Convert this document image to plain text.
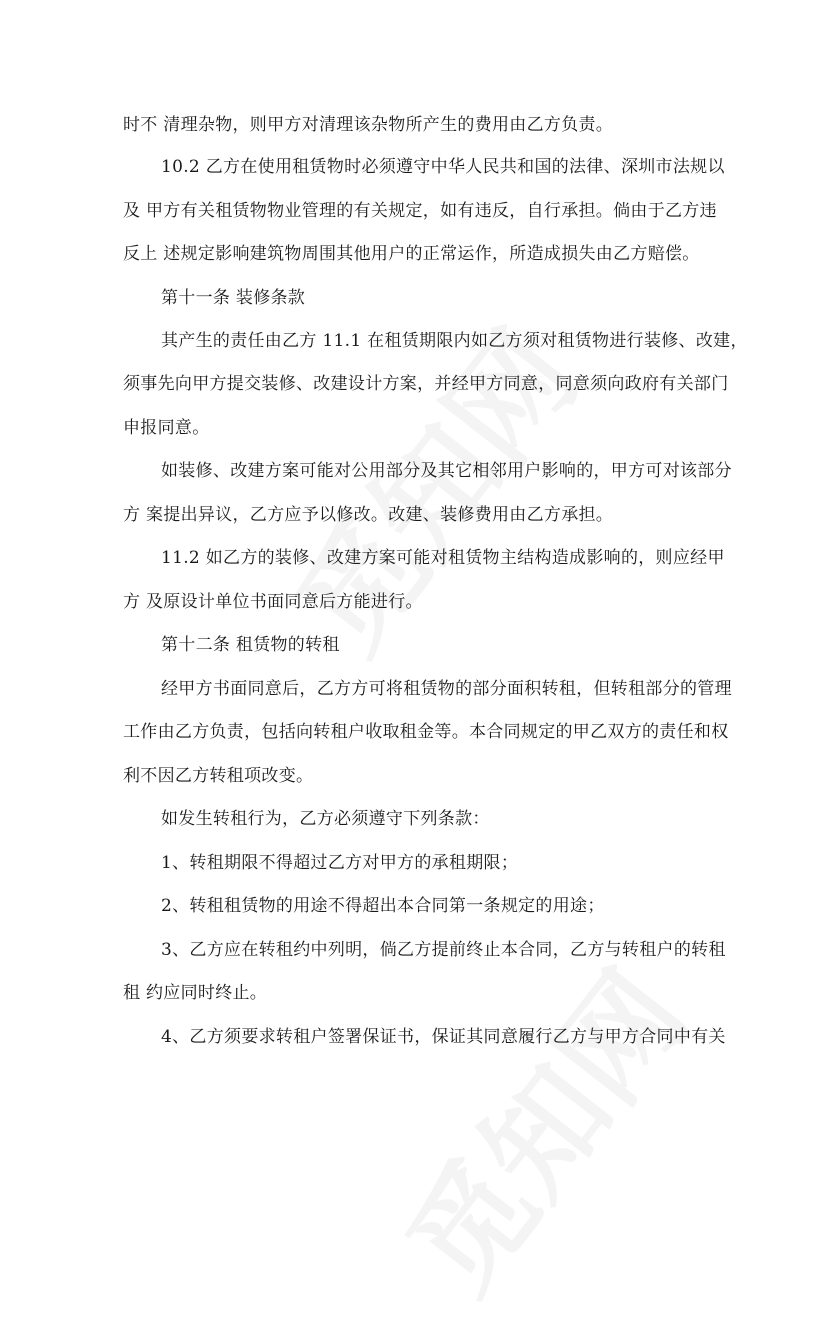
时不 清理杂物，则甲方对清理该杂物所产生的费用由乙方负责。
10.2 乙方在使用租赁物时必须遵守中华人民共和国的法律、深圳市法规以
及 甲方有关租赁物物业管理的有关规定，如有违反，自行承担。倘由于乙方违
反上 述规定影响建筑物周围其他用户的正常运作，所造成损失由乙方赔偿。
第十一条 装修条款
其产生的责任由乙方 11.1 在租赁期限内如乙方须对租赁物进行装修、改建，
须事先向甲方提交装修、改建设计方案，并经甲方同意，同意须向政府有关部门
申报同意。
如装修、改建方案可能对公用部分及其它相邻用户影响的，甲方可对该部分
方 案提出异议，乙方应予以修改。改建、装修费用由乙方承担。
11.2 如乙方的装修、改建方案可能对租赁物主结构造成影响的，则应经甲
方 及原设计单位书面同意后方能进行。
第十二条 租赁物的转租
经甲方书面同意后，乙方方可将租赁物的部分面积转租，但转租部分的管理
工作由乙方负责，包括向转租户收取租金等。本合同规定的甲乙双方的责任和权
利不因乙方转租项改变。
如发生转租行为，乙方必须遵守下列条款：
1、转租期限不得超过乙方对甲方的承租期限；
2、转租租赁物的用途不得超出本合同第一条规定的用途；
3、乙方应在转租约中列明，倘乙方提前终止本合同，乙方与转租户的转租
租 约应同时终止。
4、乙方须要求转租户签署保证书，保证其同意履行乙方与甲方合同中有关
